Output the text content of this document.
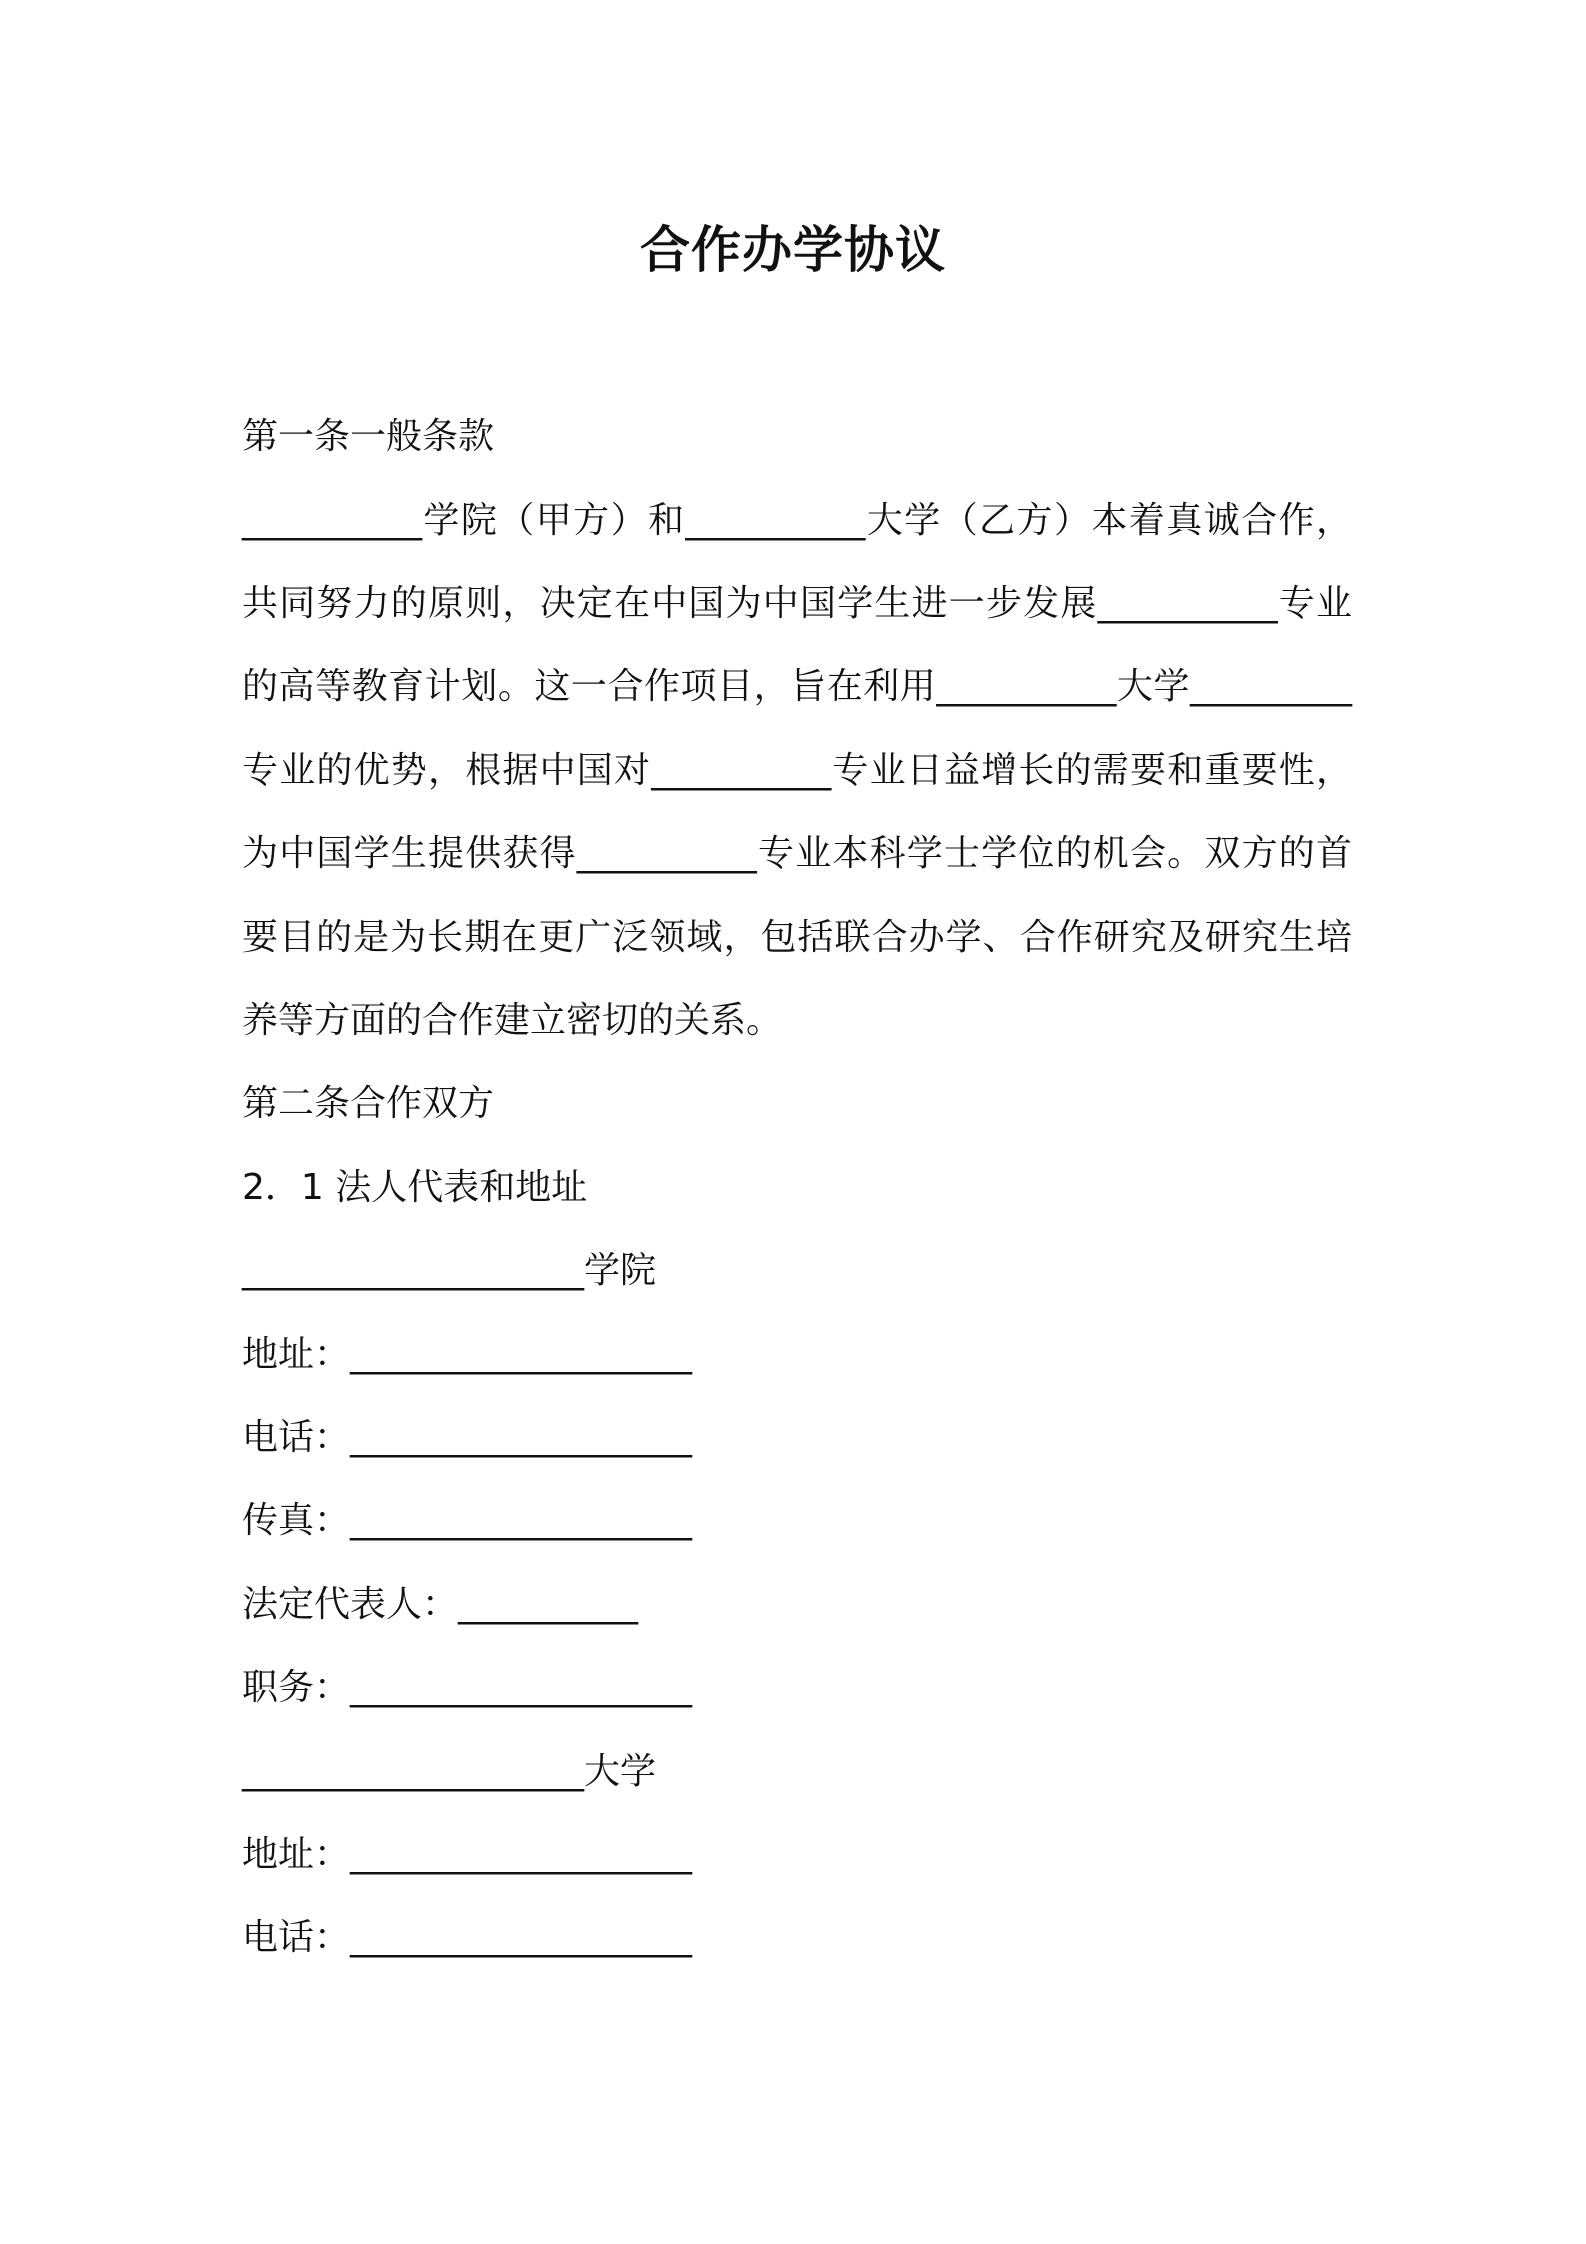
合作办学协议
第一条一般条款
__________学院（甲方）和__________大学（乙方）本着真诚合作，
共同努力的原则，决定在中国为中国学生进一步发展__________专业
的高等教育计划。这一合作项目，旨在利用__________大学_________
专业的优势，根据中国对__________专业日益增长的需要和重要性，
为中国学生提供获得__________专业本科学士学位的机会。双方的首
要目的是为长期在更广泛领域，包括联合办学、合作研究及研究生培
养等方面的合作建立密切的关系。
第二条合作双方
2．1 法人代表和地址
___________________学院
地址：___________________
电话：___________________
传真：___________________
法定代表人：__________
职务：___________________
___________________大学
地址：___________________
电话：___________________
